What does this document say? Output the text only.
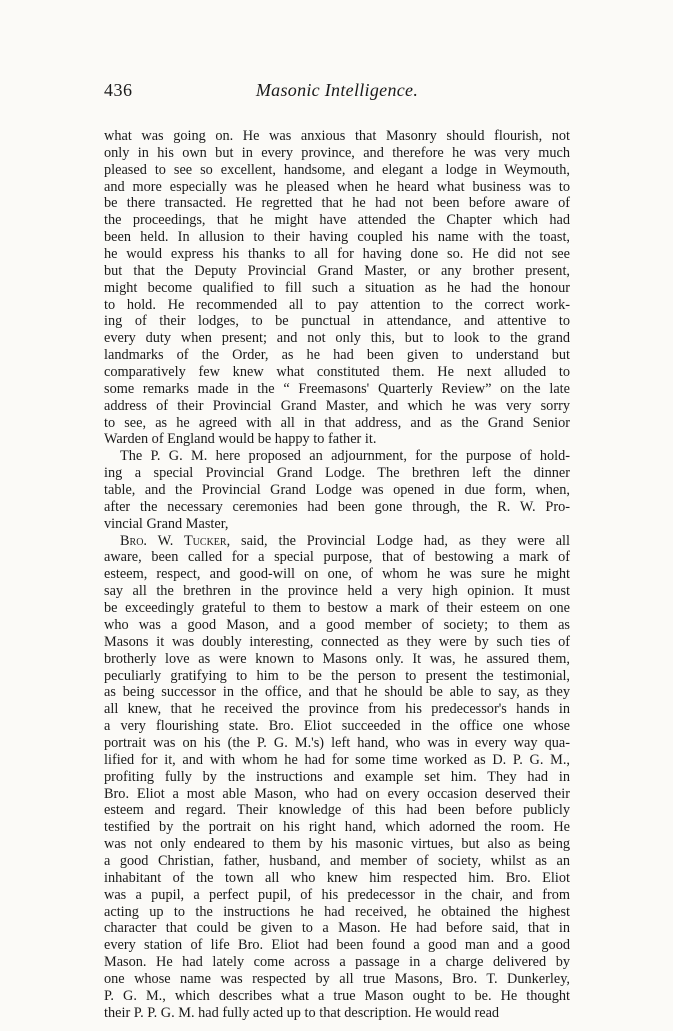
436	Masonic Intelligence.
what was going on. He was anxious that Masonry should flourish, not
only in his own but in every province, and therefore he was very much
pleased to see so excellent, handsome, and elegant a lodge in Weymouth,
and more especially was he pleased when he heard what business was to
be there transacted. He regretted that he had not been before aware of
the proceedings, that he might have attended the Chapter which had
been held. In allusion to their having coupled his name with the toast,
he would express his thanks to all for having done so. He did not see
but that the Deputy Provincial Grand Master, or any brother present,
might become qualified to fill such a situation as he had the honour
to hold. He recommended all to pay attention to the correct work-
ing of their lodges, to be punctual in attendance, and attentive to
every duty when present; and not only this, but to look to the grand
landmarks of the Order, as he had been given to understand but
comparatively few knew what constituted them. He next alluded to
some remarks made in the “ Freemasons' Quarterly Review” on the late
address of their Provincial Grand Master, and which he was very sorry
to see, as he agreed with all in that address, and as the Grand Senior
Warden of England would be happy to father it.
The P. G. M. here proposed an adjournment, for the purpose of hold-
ing a special Provincial Grand Lodge. The brethren left the dinner
table, and the Provincial Grand Lodge was opened in due form, when,
after the necessary ceremonies had been gone through, the R. W. Pro-
vincial Grand Master,
Bro. W. Tucker, said, the Provincial Lodge had, as they were all
aware, been called for a special purpose, that of bestowing a mark of
esteem, respect, and good-will on one, of whom he was sure he might
say all the brethren in the province held a very high opinion. It must
be exceedingly grateful to them to bestow a mark of their esteem on one
who was a good Mason, and a good member of society; to them as
Masons it was doubly interesting, connected as they were by such ties of
brotherly love as were known to Masons only. It was, he assured them,
peculiarly gratifying to him to be the person to present the testimonial,
as being successor in the office, and that he should be able to say, as they
all knew, that he received the province from his predecessor's hands in
a very flourishing state. Bro. Eliot succeeded in the office one whose
portrait was on his (the P. G. M.'s) left hand, who was in every way qua-
lified for it, and with whom he had for some time worked as D. P. G. M.,
profiting fully by the instructions and example set him. They had in
Bro. Eliot a most able Mason, who had on every occasion deserved their
esteem and regard. Their knowledge of this had been before publicly
testified by the portrait on his right hand, which adorned the room. He
was not only endeared to them by his masonic virtues, but also as being
a good Christian, father, husband, and member of society, whilst as an
inhabitant of the town all who knew him respected him. Bro. Eliot
was a pupil, a perfect pupil, of his predecessor in the chair, and from
acting up to the instructions he had received, he obtained the highest
character that could be given to a Mason. He had before said, that in
every station of life Bro. Eliot had been found a good man and a good
Mason. He had lately come across a passage in a charge delivered by
one whose name was respected by all true Masons, Bro. T. Dunkerley,
P. G. M., which describes what a true Mason ought to be. He thought
their P. P. G. M. had fully acted up to that description. He would read
